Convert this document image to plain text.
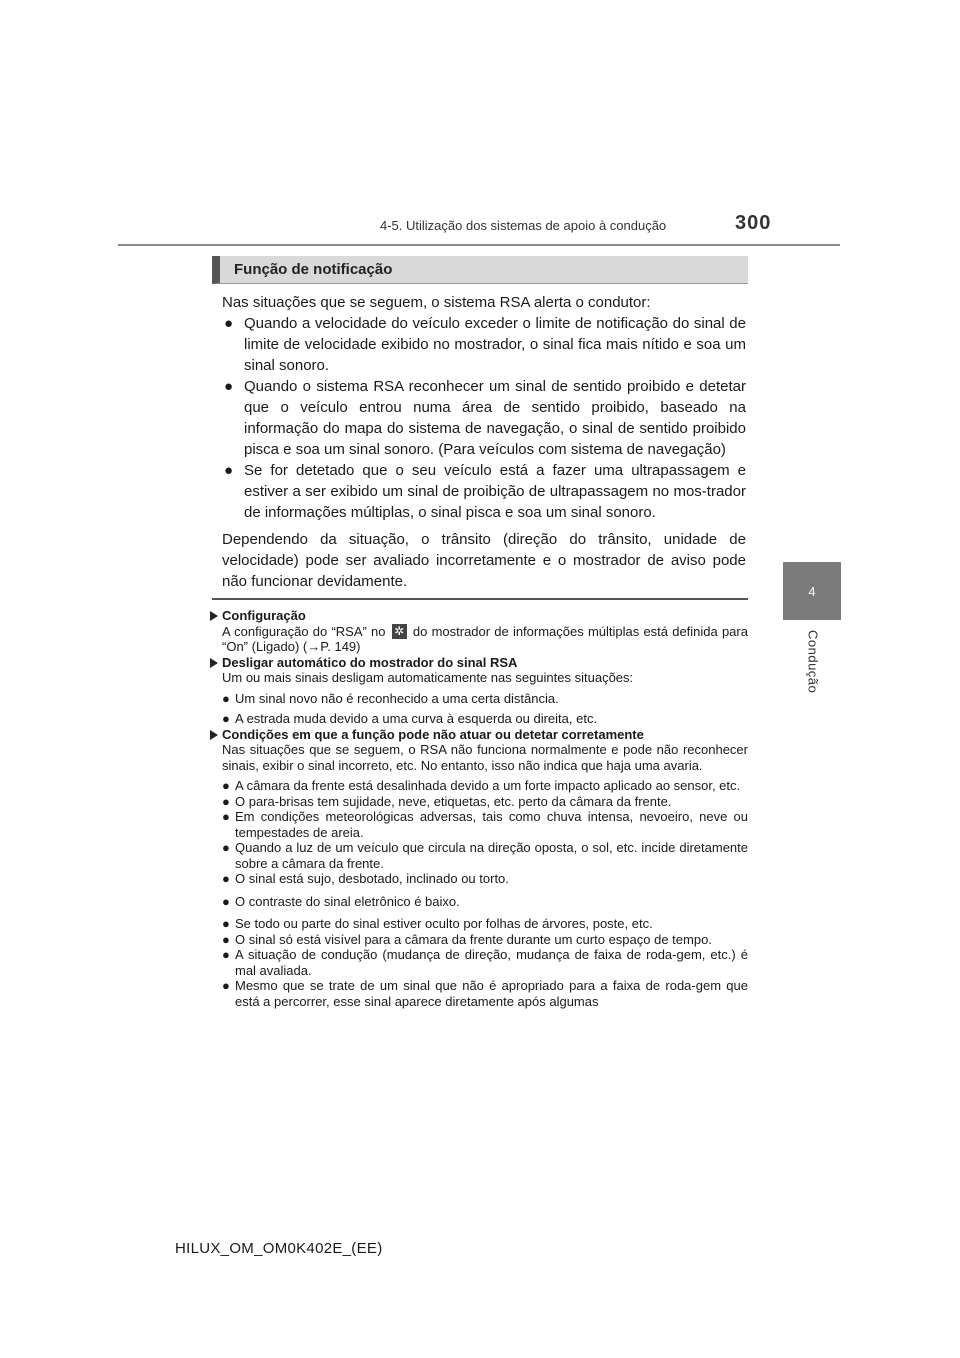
4-5. Utilização dos sistemas de apoio à condução	300
4
Condução
Função de notificação

Nas situações que se seguem, o sistema RSA alerta o condutor:

● Quando a velocidade do veículo exceder o limite de notificação do sinal de limite de velocidade exibido no mostrador, o sinal fica mais nítido e soa um sinal sonoro.
● Quando o sistema RSA reconhecer um sinal de sentido proibido e detetar que o veículo entrou numa área de sentido proibido, baseado na informação do mapa do sistema de navegação, o sinal de sentido proibido pisca e soa um sinal sonoro. (Para veículos com sistema de navegação)
● Se for detetado que o seu veículo está a fazer uma ultrapassagem e estiver a ser exibido um sinal de proibição de ultrapassagem no mos-trador de informações múltiplas, o sinal pisca e soa um sinal sonoro.

Dependendo da situação, o trânsito (direção do trânsito, unidade de velocidade) pode ser avaliado incorretamente e o mostrador de aviso pode não funcionar devidamente.

Configuração

A configuração do “RSA” no ✲ do mostrador de informações múltiplas está definida para “On” (Ligado) (→P. 149)

Desligar automático do mostrador do sinal RSA

Um ou mais sinais desligam automaticamente nas seguintes situações:

● Um sinal novo não é reconhecido a uma certa distância.
● A estrada muda devido a uma curva à esquerda ou direita, etc.

Condições em que a função pode não atuar ou detetar corretamente

Nas situações que se seguem, o RSA não funciona normalmente e pode não reconhecer sinais, exibir o sinal incorreto, etc. No entanto, isso não indica que haja uma avaria.

● A câmara da frente está desalinhada devido a um forte impacto aplicado ao sensor, etc.
● O para-brisas tem sujidade, neve, etiquetas, etc. perto da câmara da frente.
● Em condições meteorológicas adversas, tais como chuva intensa, nevoeiro, neve ou tempestades de areia.
● Quando a luz de um veículo que circula na direção oposta, o sol, etc. incide diretamente sobre a câmara da frente.
● O sinal está sujo, desbotado, inclinado ou torto.
● O contraste do sinal eletrônico é baixo.
● Se todo ou parte do sinal estiver oculto por folhas de árvores, poste, etc.
● O sinal só está visível para a câmara da frente durante um curto espaço de tempo.
● A situação de condução (mudança de direção, mudança de faixa de roda-gem, etc.) é mal avaliada.
● Mesmo que se trate de um sinal que não é apropriado para a faixa de roda-gem que está a percorrer, esse sinal aparece diretamente após algumas
HILUX_OM_OM0K402E_(EE)
